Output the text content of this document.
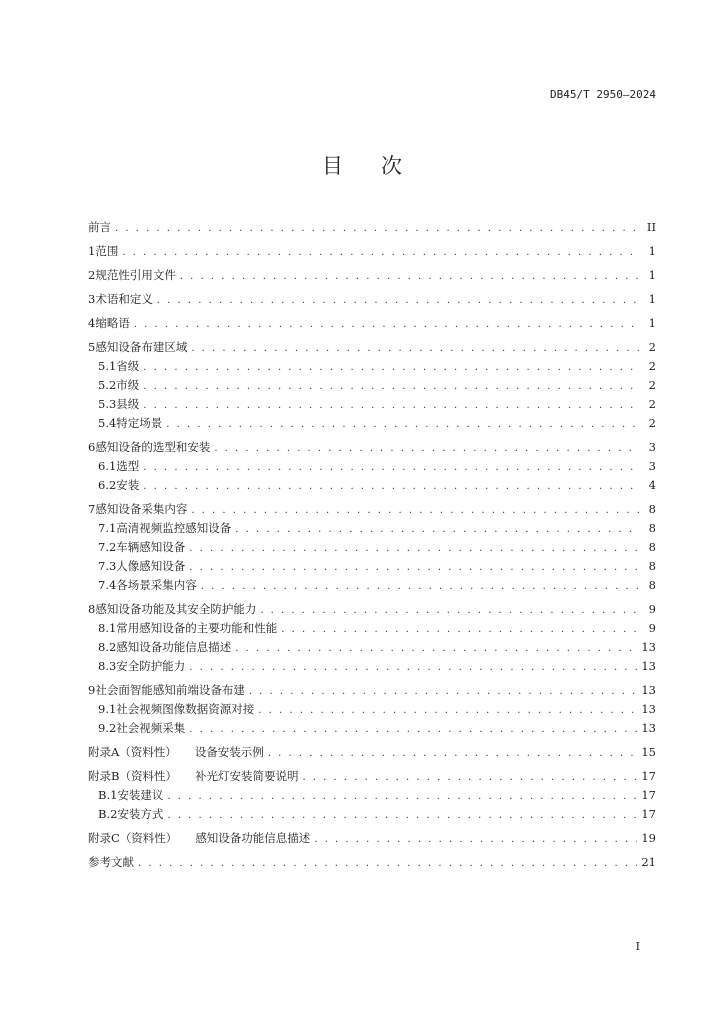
DB45/T 2950—2024
目 次
前言 . . .	II
1 范围 . . .	1
2 规范性引用文件 . . .	1
3 术语和定义 . . .	1
4 缩略语 . . .	1
5 感知设备布建区域 . . .	2
5.1 省级 . . .	2
5.2 市级 . . .	2
5.3 县级 . . .	2
5.4 特定场景 . . .	2
6 感知设备的选型和安装 . . .	3
6.1 选型 . . .	3
6.2 安装 . . .	4
7 感知设备采集内容 . . .	8
7.1 高清视频监控感知设备 . . .	8
7.2 车辆感知设备 . . .	8
7.3 人像感知设备 . . .	8
7.4 各场景采集内容 . . .	8
8 感知设备功能及其安全防护能力 . . .	9
8.1 常用感知设备的主要功能和性能 . . .	9
8.2 感知设备功能信息描述 . . .	13
8.3 安全防护能力 . . .	13
9 社会面智能感知前端设备布建 . . .	13
9.1 社会视频图像数据资源对接 . . .	13
9.2 社会视频采集 . . .	13
附录A（资料性） 设备安装示例 . . .	15
附录B（资料性） 补光灯安装简要说明 . . .	17
B.1 安装建议 . . .	17
B.2 安装方式 . . .	17
附录C（资料性） 感知设备功能信息描述 . . .	19
参考文献 . . .	21
I
